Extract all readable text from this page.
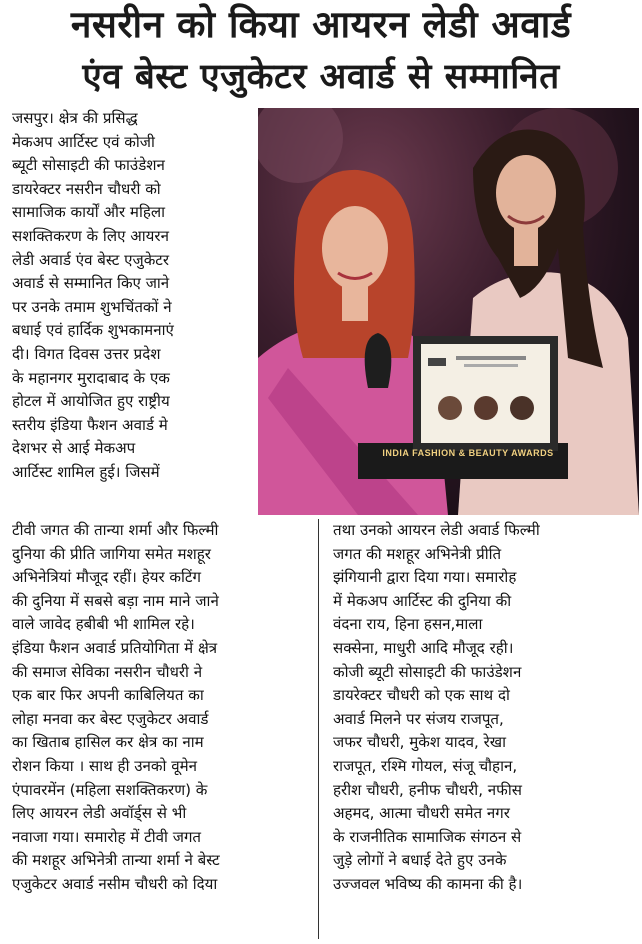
नसरीन को किया आयरन लेडी अवार्ड
एंव बेस्ट एजुकेटर अवार्ड से सम्मानित
जसपुर। क्षेत्र की प्रसिद्ध
मेकअप आर्टिस्ट एवं कोजी
ब्यूटी सोसाइटी की फाउंडेशन
डायरेक्टर नसरीन चौधरी को
सामाजिक कार्यों और महिला
सशक्तिकरण के लिए आयरन
लेडी अवार्ड एंव बेस्ट एजुकेटर
अवार्ड से सम्मानित किए जाने
पर उनके तमाम शुभचिंतकों ने
बधाई एवं हार्दिक शुभकामनाएं
दी। विगत दिवस उत्तर प्रदेश
के महानगर मुरादाबाद के एक
होटल में आयोजित हुए राष्ट्रीय
स्तरीय इंडिया फैशन अवार्ड मे
देशभर से आई मेकअप
आर्टिस्ट शामिल हुई। जिसमें
INDIA FASHION & BEAUTY AWARDS
टीवी जगत की तान्या शर्मा और फिल्मी
दुनिया की प्रीति जागिया समेत मशहूर
अभिनेत्रियां मौजूद रहीं। हेयर कटिंग
की दुनिया में सबसे बड़ा नाम माने जाने
वाले जावेद हबीबी भी शामिल रहे।
इंडिया फैशन अवार्ड प्रतियोगिता में क्षेत्र
की समाज सेविका नसरीन चौधरी ने
एक बार फिर अपनी काबिलियत का
लोहा मनवा कर बेस्ट एजुकेटर अवार्ड
का खिताब हासिल कर क्षेत्र का नाम
रोशन किया । साथ ही उनको वूमेन
एंपावरमेंन (महिला सशक्तिकरण) के
लिए आयरन लेडी अवॉर्ड्स से भी
नवाजा गया। समारोह में टीवी जगत
की मशहूर अभिनेत्री तान्या शर्मा ने बेस्ट
एजुकेटर अवार्ड नसीम चौधरी को दिया
तथा उनको आयरन लेडी अवार्ड फिल्मी
जगत की मशहूर अभिनेत्री प्रीति
झंगियानी द्वारा दिया गया। समारोह
में मेकअप आर्टिस्ट की दुनिया की
वंदना राय, हिना हसन,माला
सक्सेना, माधुरी आदि मौजूद रही।
कोजी ब्यूटी सोसाइटी की फाउंडेशन
डायरेक्टर चौधरी को एक साथ दो
अवार्ड मिलने पर संजय राजपूत,
जफर चौधरी, मुकेश यादव, रेखा
राजपूत, रश्मि गोयल, संजू चौहान,
हरीश चौधरी, हनीफ चौधरी, नफीस
अहमद, आत्मा चौधरी समेत नगर
के राजनीतिक सामाजिक संगठन से
जुड़े लोगों ने बधाई देते हुए उनके
उज्जवल भविष्य की कामना की है।
